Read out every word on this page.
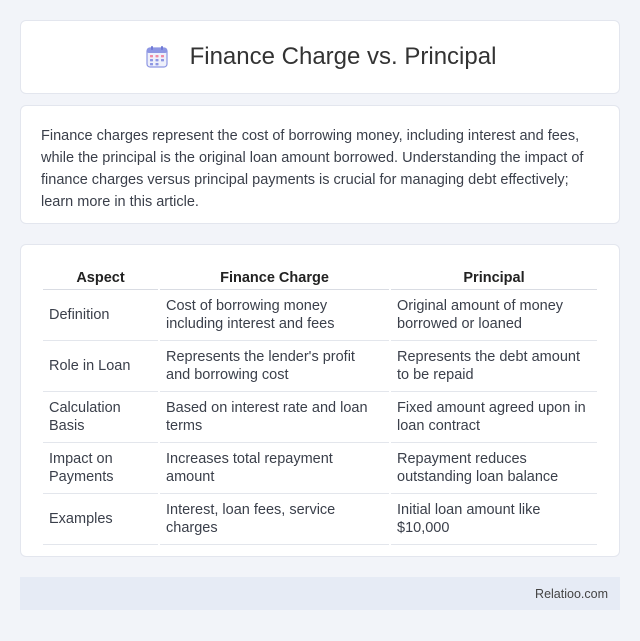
Finance Charge vs. Principal

Finance charges represent the cost of borrowing money, including interest and fees, while the principal is the original loan amount borrowed. Understanding the impact of finance charges versus principal payments is crucial for managing debt effectively; learn more in this article.

Aspect	Finance Charge	Principal
Definition	Cost of borrowing money including interest and fees	Original amount of money borrowed or loaned
Role in Loan	Represents the lender's profit and borrowing cost	Represents the debt amount to be repaid
Calculation Basis	Based on interest rate and loan terms	Fixed amount agreed upon in loan contract
Impact on Payments	Increases total repayment amount	Repayment reduces outstanding loan balance
Examples	Interest, loan fees, service charges	Initial loan amount like $10,000
Relatioo.com
